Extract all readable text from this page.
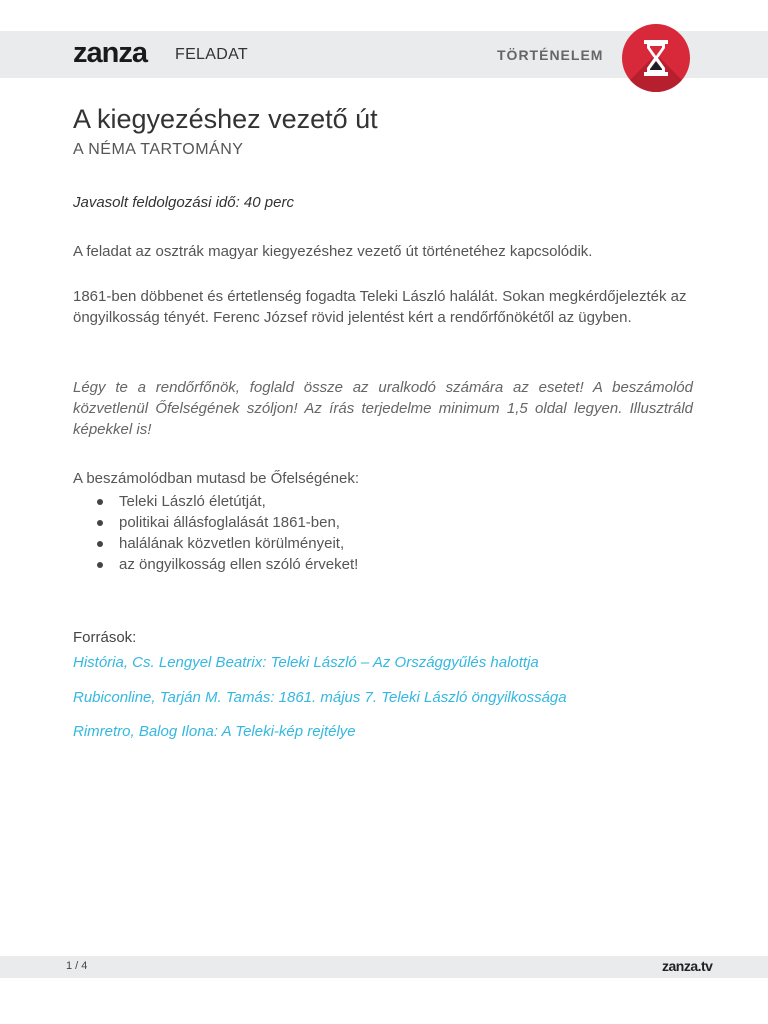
zanza FELADAT	TÖRTÉNELEM
A kiegyezéshez vezető út
A NÉMA TARTOMÁNY
Javasolt feldolgozási idő: 40 perc

A feladat az osztrák magyar kiegyezéshez vezető út történetéhez kapcsolódik.

1861-ben döbbenet és értetlenség fogadta Teleki László halálát. Sokan megkérdőjelezték az öngyilkosság tényét. Ferenc József rövid jelentést kért a rendőrfőnökétől az ügyben.

Légy te a rendőrfőnök, foglald össze az uralkodó számára az esetet! A beszámolód közvetlenül Őfelségének szóljon! Az írás terjedelme minimum 1,5 oldal legyen. Illusztráld képekkel is!

A beszámolódban mutasd be Őfelségének:

Teleki László életútját,
politikai állásfoglalását 1861-ben,
halálának közvetlen körülményeit,
az öngyilkosság ellen szóló érveket!
Források:
História, Cs. Lengyel Beatrix: Teleki László – Az Országgyűlés halottja
Rubiconline, Tarján M. Tamás: 1861. május 7. Teleki László öngyilkossága
Rimretro, Balog Ilona: A Teleki-kép rejtélye
1 / 4	zanza.tv
